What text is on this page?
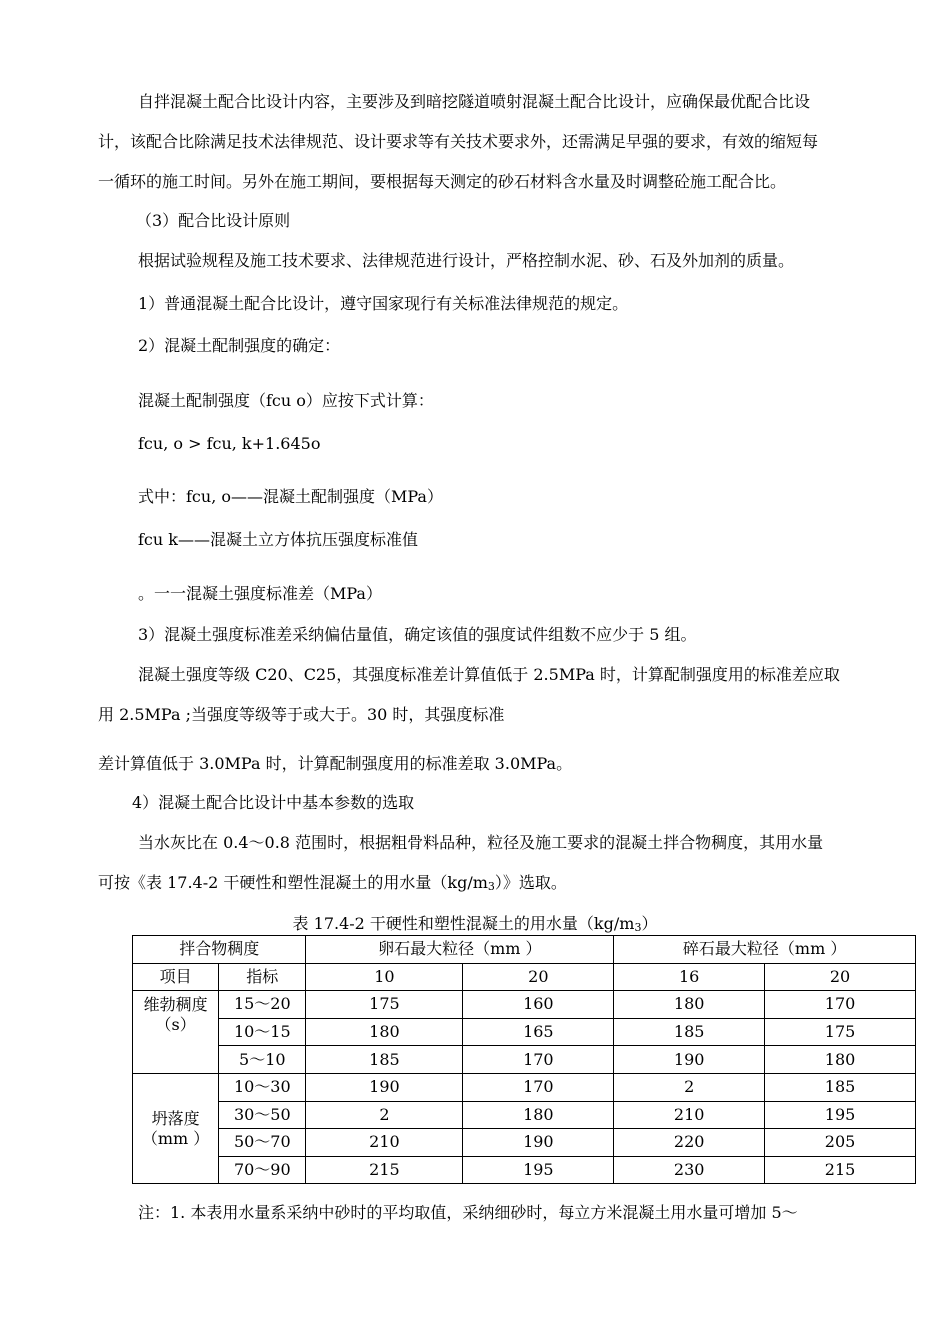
自拌混凝土配合比设计内容，主要涉及到暗挖隧道喷射混凝土配合比设计，应确保最优配合比设
计，该配合比除满足技术法律规范、设计要求等有关技术要求外，还需满足早强的要求，有效的缩短每
一循环的施工时间。另外在施工期间，要根据每天测定的砂石材料含水量及时调整砼施工配合比。
（3）配合比设计原则
根据试验规程及施工技术要求、法律规范进行设计，严格控制水泥、砂、石及外加剂的质量。
1）普通混凝土配合比设计，遵守国家现行有关标准法律规范的规定。
2）混凝土配制强度的确定：
混凝土配制强度（fcu o）应按下式计算：
fcu, o > fcu, k+1.645o
式中：fcu, o——混凝土配制强度（MPa）
fcu k——混凝土立方体抗压强度标准值
。一一混凝土强度标准差（MPa）
3）混凝土强度标准差采纳偏估量值，确定该值的强度试件组数不应少于 5 组。
混凝土强度等级 C20、C25，其强度标准差计算值低于 2.5MPa 时，计算配制强度用的标准差应取
用 2.5MPa ;当强度等级等于或大于。30 时，其强度标准
差计算值低于 3.0MPa 时，计算配制强度用的标准差取 3.0MPa。
4）混凝土配合比设计中基本参数的选取
当水灰比在 0.4〜0.8 范围时，根据粗骨料品种，粒径及施工要求的混凝土拌合物稠度，其用水量
可按《表 17.4-2 干硬性和塑性混凝土的用水量$(kg/m_3)$》选取。
表 17.4-2 干硬性和塑性混凝土的用水量$(kg/m_3)$
拌合物稠度		卵石最大粒径（mm ）		碎石最大粒径（mm ）	
项目	指标	10	20	16	20

维勃稠度
（s）	15〜20	175	160	180	170
	10〜15	180	165	185	175
	5〜10	185	170	190	180

坍落度
（mm ）	10〜30	190	170	2	185
	30〜50	2	180	210	195
	50〜70	210	190	220	205
	70〜90	215	195	230	215
注：1. 本表用水量系采纳中砂时的平均取值，采纳细砂时，每立方米混凝土用水量可增加 5〜
